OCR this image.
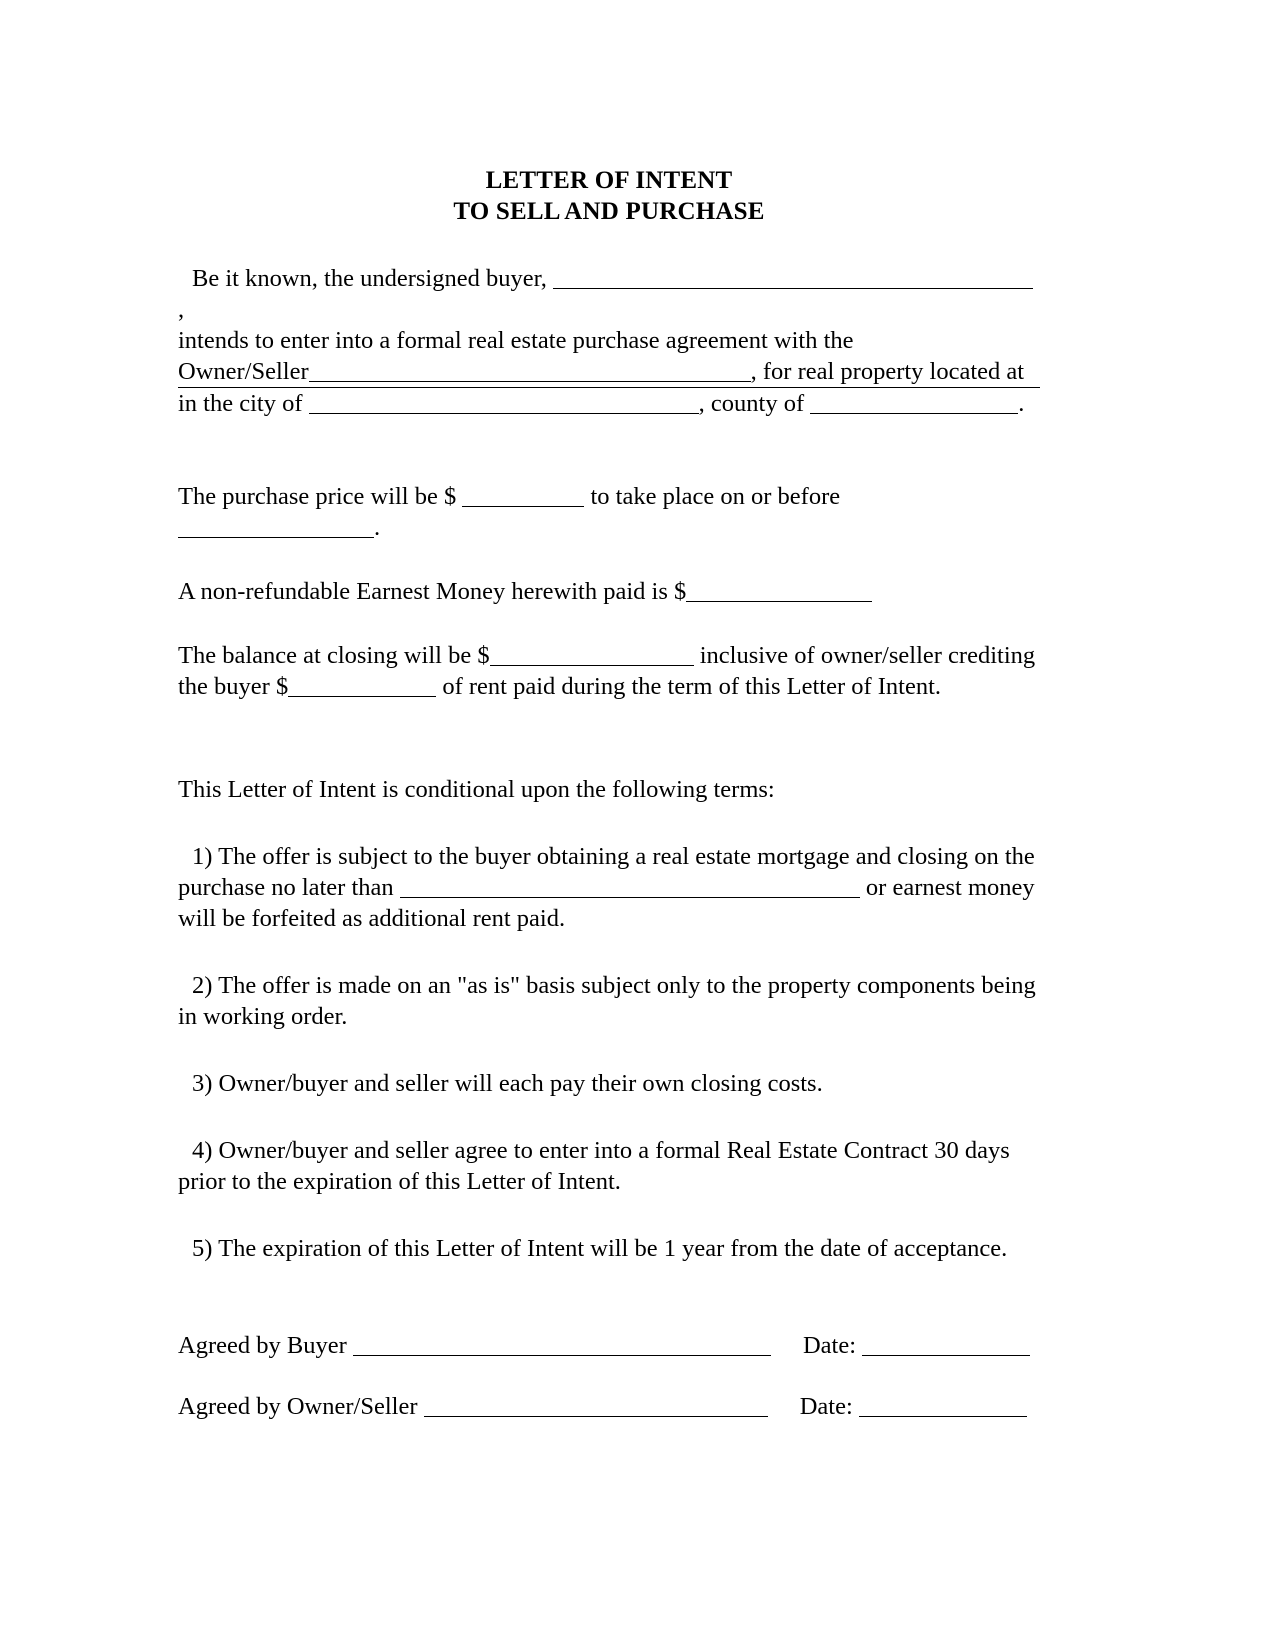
LETTER OF INTENT
TO SELL AND PURCHASE

Be it known, the undersigned buyer,  ,

intends to enter into a formal real estate purchase agreement with the

Owner/Seller	, for real property located at

in the city of	, county of	.

The purchase price will be $	to take place on or before .

A non-refundable Earnest Money herewith paid is $

The balance at closing will be $	inclusive of owner/seller crediting

the buyer $	of rent paid during the term of this Letter of Intent.

This Letter of Intent is conditional upon the following terms:

1) The offer is subject to the buyer obtaining a real estate mortgage and closing on the purchase no later than	or earnest money will be forfeited as additional rent paid.

2) The offer is made on an "as is" basis subject only to the property components being in working order.

3) Owner/buyer and seller will each pay their own closing costs.

4) Owner/buyer and seller agree to enter into a formal Real Estate Contract 30 days prior to the expiration of this Letter of Intent.

5) The expiration of this Letter of Intent will be 1 year from the date of acceptance.

Agreed by Buyer	Date:
Agreed by Owner/Seller	Date:
